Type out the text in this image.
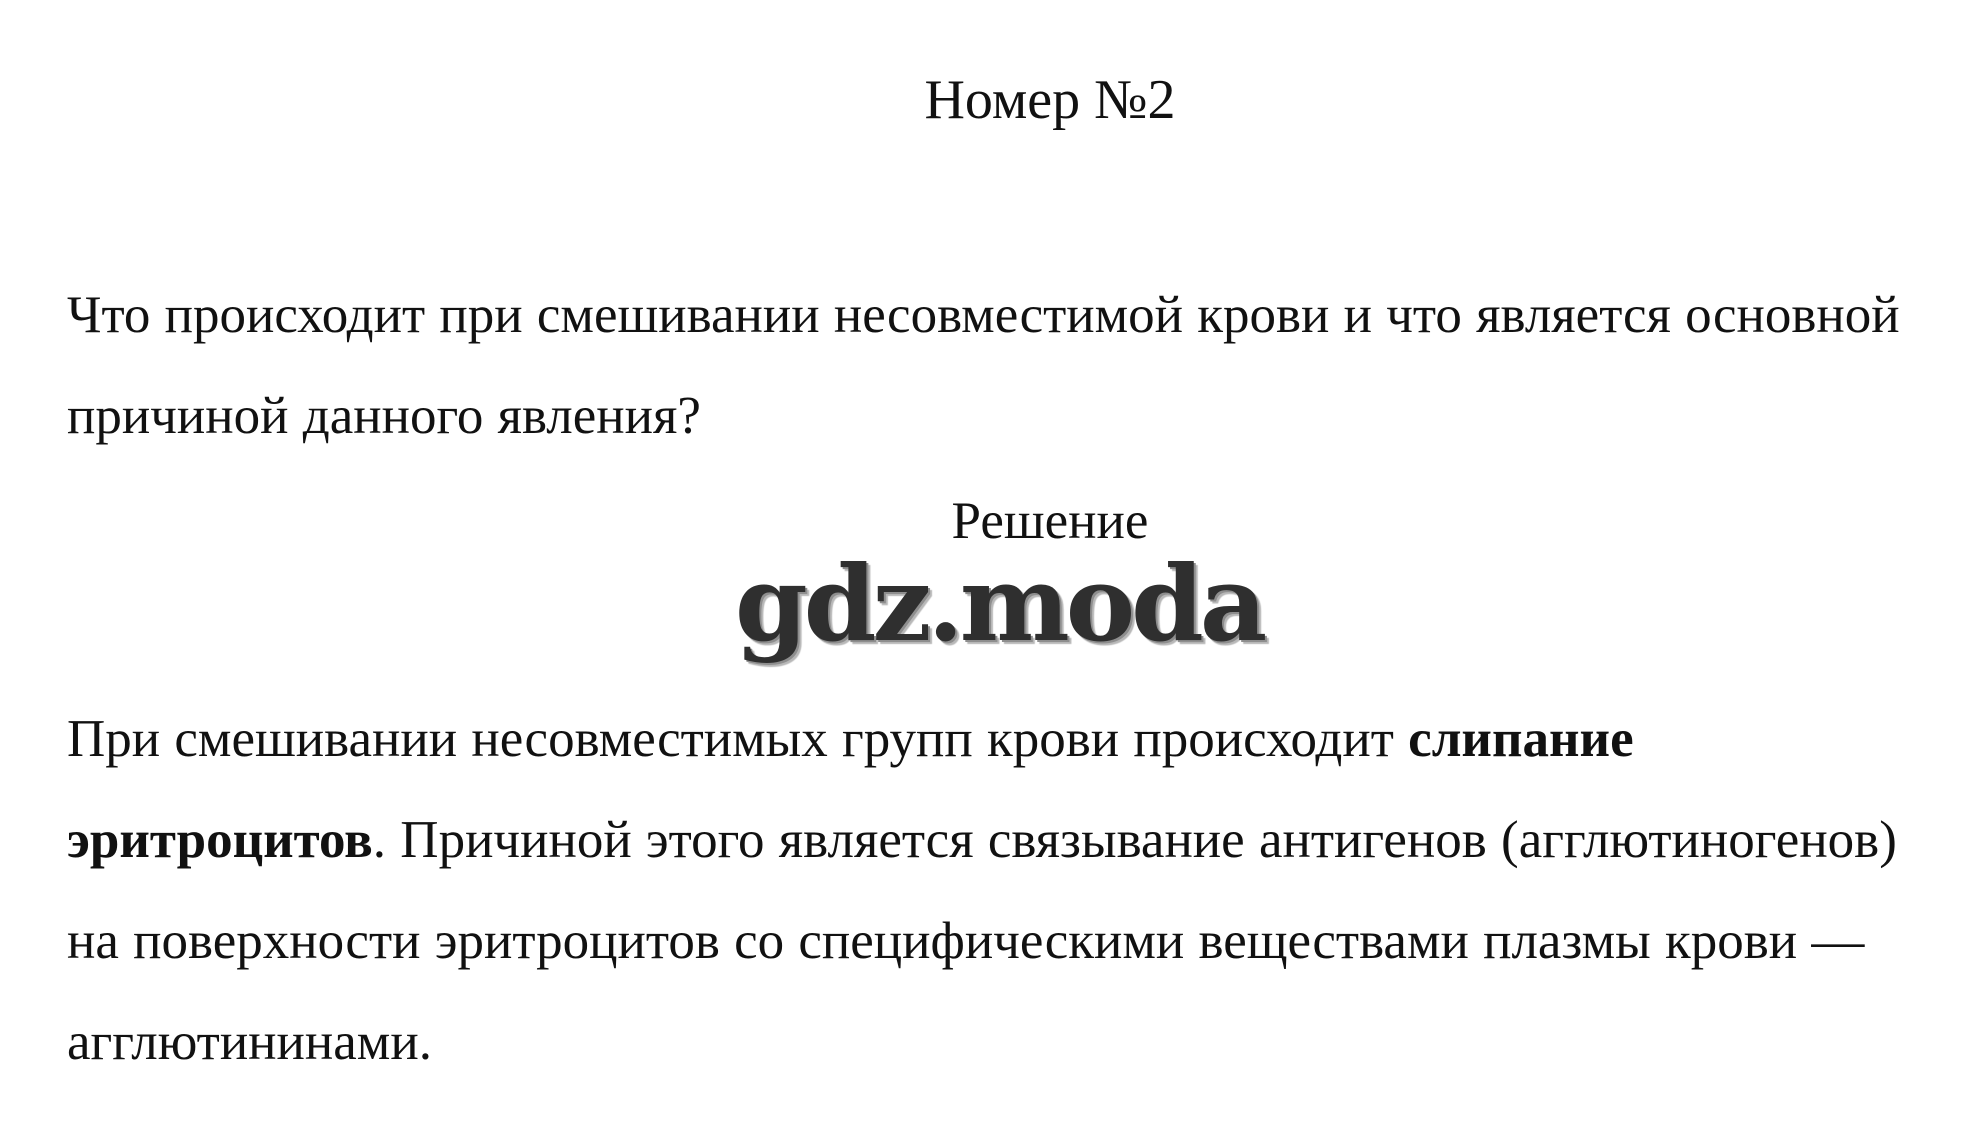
Номер №2

Что происходит при смешивании несовместимой крови и что является основной причиной данного явления?

Решение
gdz.moda

При смешивании несовместимых групп крови происходит слипание эритроцитов. Причиной этого является связывание антигенов (агглютиногенов) на поверхности эритроцитов со специфическими веществами плазмы крови — агглютининами.
